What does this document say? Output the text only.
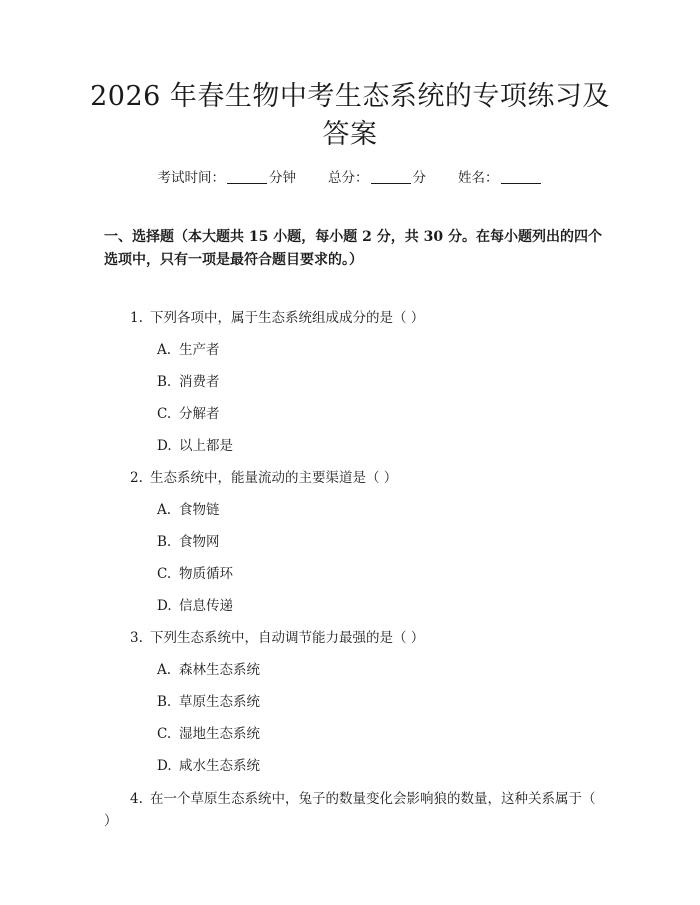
2026 年春生物中考生态系统的专项练习及答案
考试时间：	分钟 总分：	分 姓名：
一、选择题（本大题共 15 小题，每小题 2 分，共 30 分。在每小题列出的四个选项中，只有一项是最符合题目要求的。）
1. 下列各项中，属于生态系统组成成分的是（ ）
A. 生产者
B. 消费者
C. 分解者
D. 以上都是
2. 生态系统中，能量流动的主要渠道是（ ）
A. 食物链
B. 食物网
C. 物质循环
D. 信息传递
3. 下列生态系统中，自动调节能力最强的是（ ）
A. 森林生态系统
B. 草原生态系统
C. 湿地生态系统
D. 咸水生态系统
4. 在一个草原生态系统中，兔子的数量变化会影响狼的数量，这种关系属于（ ）
